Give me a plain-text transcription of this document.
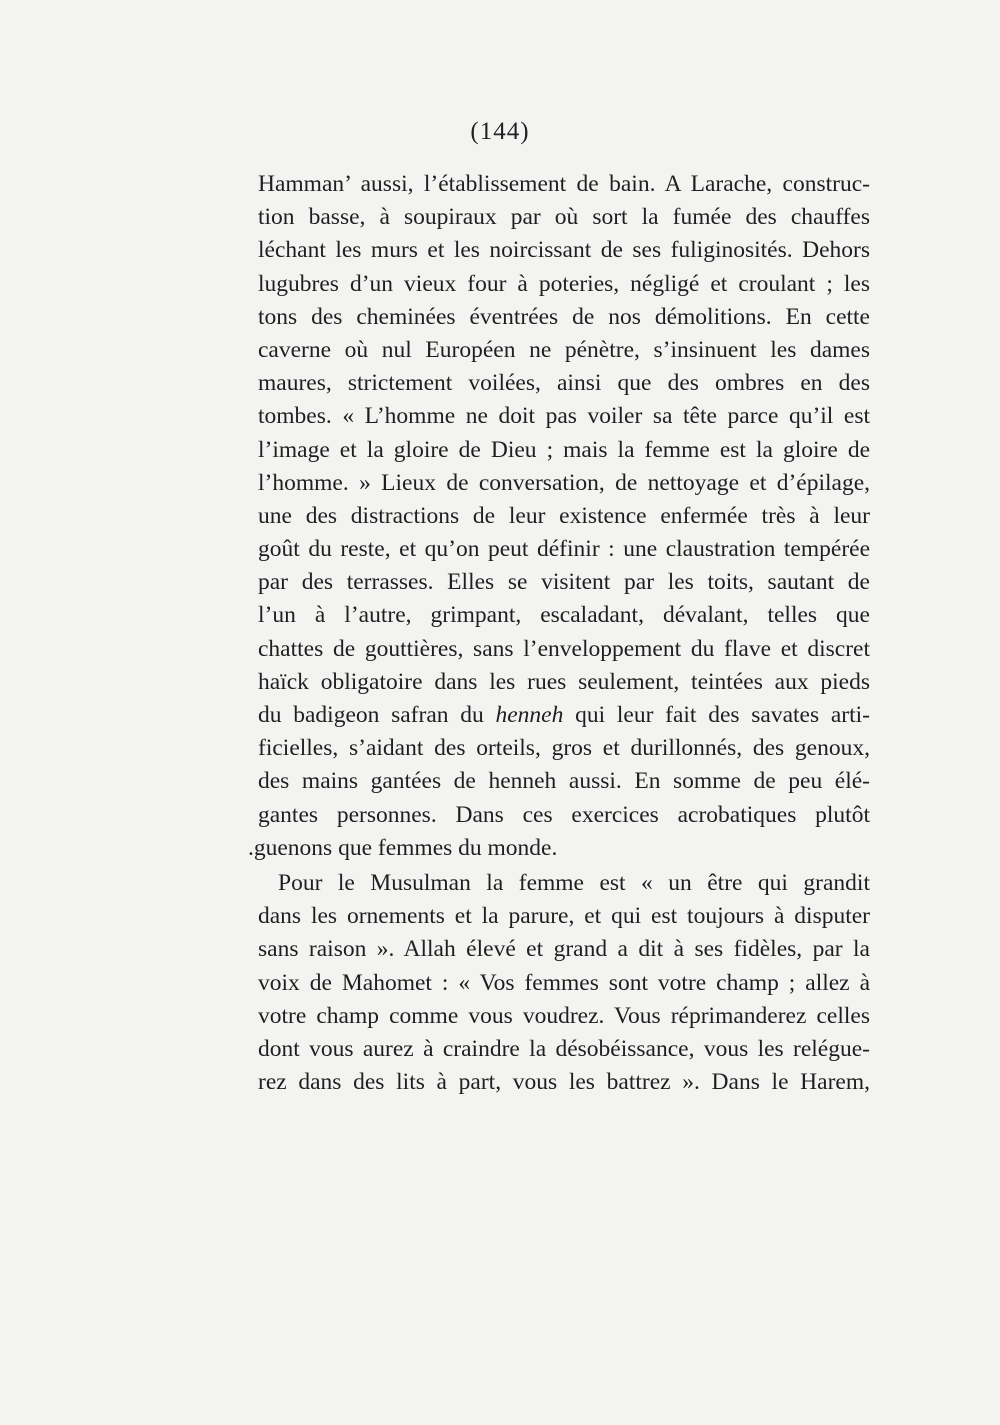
(144)
Hamman’ aussi, l’établissement de bain. A Larache, construc-
tion basse, à soupiraux par où sort la fumée des chauffes
léchant les murs et les noircissant de ses fuliginosités. Dehors
lugubres d’un vieux four à poteries, négligé et croulant ; les
tons des cheminées éventrées de nos démolitions. En cette
caverne où nul Européen ne pénètre, s’insinuent les dames
maures, strictement voilées, ainsi que des ombres en des
tombes. « L’homme ne doit pas voiler sa tête parce qu’il est
l’image et la gloire de Dieu ; mais la femme est la gloire de
l’homme. » Lieux de conversation, de nettoyage et d’épilage,
une des distractions de leur existence enfermée très à leur
goût du reste, et qu’on peut définir : une claustration tempérée
par des terrasses. Elles se visitent par les toits, sautant de
l’un à l’autre, grimpant, escaladant, dévalant, telles que
chattes de gouttières, sans l’enveloppement du flave et discret
haïck obligatoire dans les rues seulement, teintées aux pieds
du badigeon safran du henneh qui leur fait des savates arti-
ficielles, s’aidant des orteils, gros et durillonnés, des genoux,
des mains gantées de henneh aussi. En somme de peu élé-
gantes personnes. Dans ces exercices acrobatiques plutôt
.guenons que femmes du monde.
Pour le Musulman la femme est « un être qui grandit
dans les ornements et la parure, et qui est toujours à disputer
sans raison ». Allah élevé et grand a dit à ses fidèles, par la
voix de Mahomet : « Vos femmes sont votre champ ; allez à
votre champ comme vous voudrez. Vous réprimanderez celles
dont vous aurez à craindre la désobéissance, vous les relégue-
rez dans des lits à part, vous les battrez ». Dans le Harem,
